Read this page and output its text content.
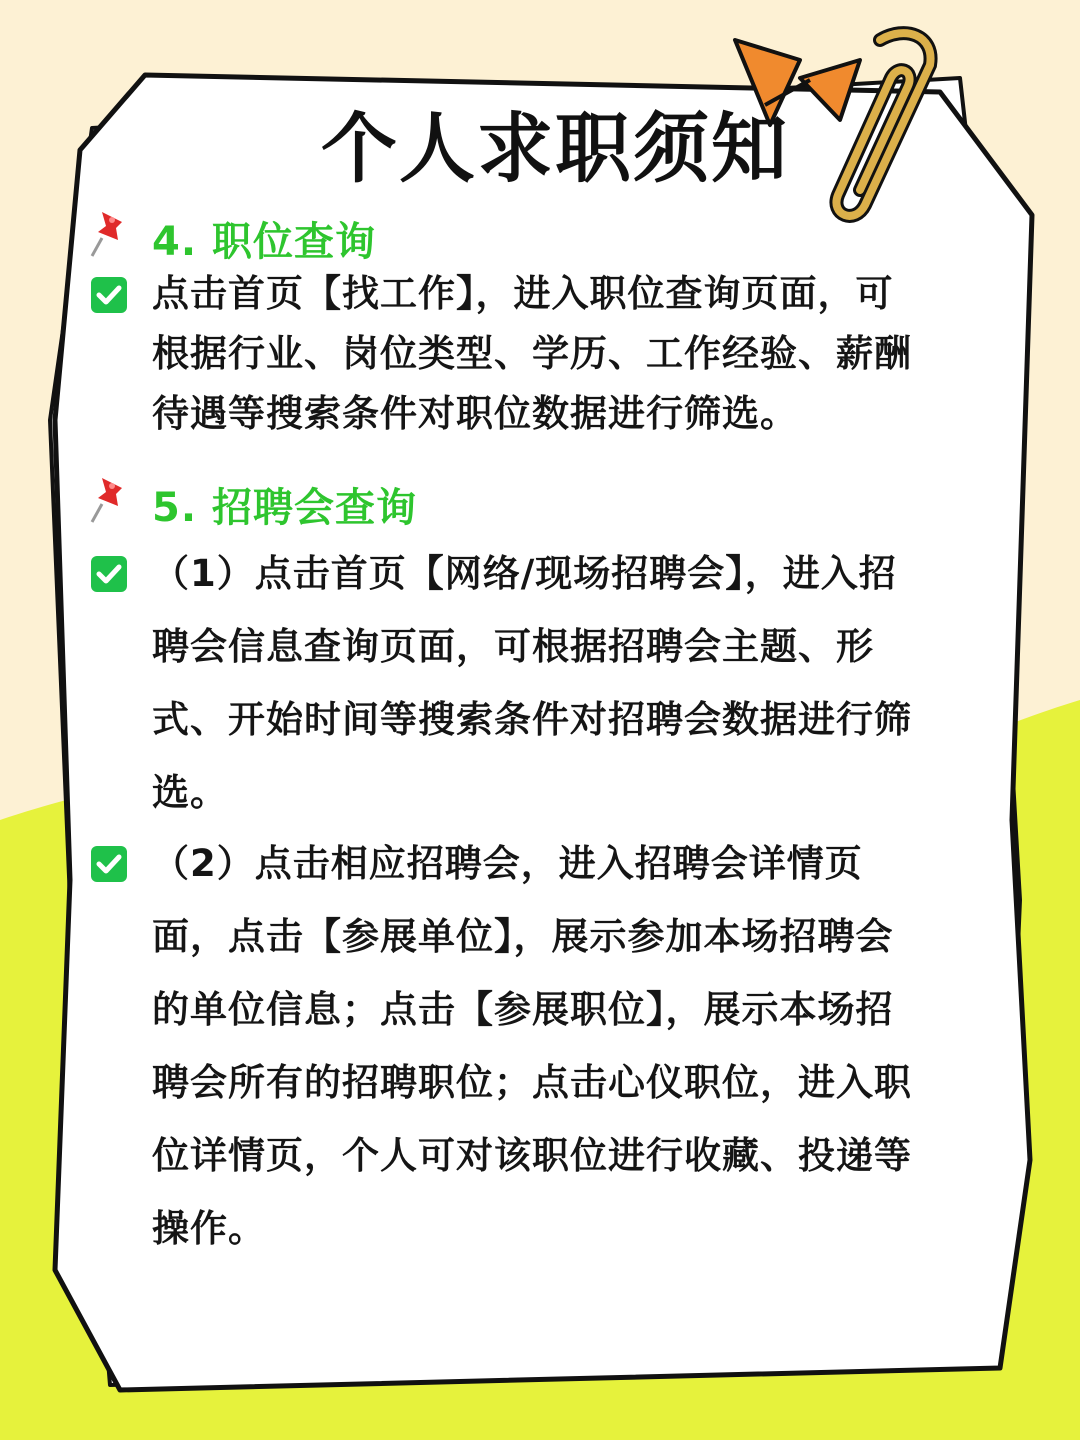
个人求职须知
4. 职位查询

点击首页【找工作】，进入职位查询页面，可
根据行业、岗位类型、学历、工作经验、薪酬
待遇等搜索条件对职位数据进行筛选。

5. 招聘会查询

（1）点击首页【网络/现场招聘会】，进入招
聘会信息查询页面，可根据招聘会主题、形
式、开始时间等搜索条件对招聘会数据进行筛
选。

（2）点击相应招聘会，进入招聘会详情页
面，点击【参展单位】，展示参加本场招聘会
的单位信息；点击【参展职位】，展示本场招
聘会所有的招聘职位；点击心仪职位，进入职
位详情页，个人可对该职位进行收藏、投递等
操作。
